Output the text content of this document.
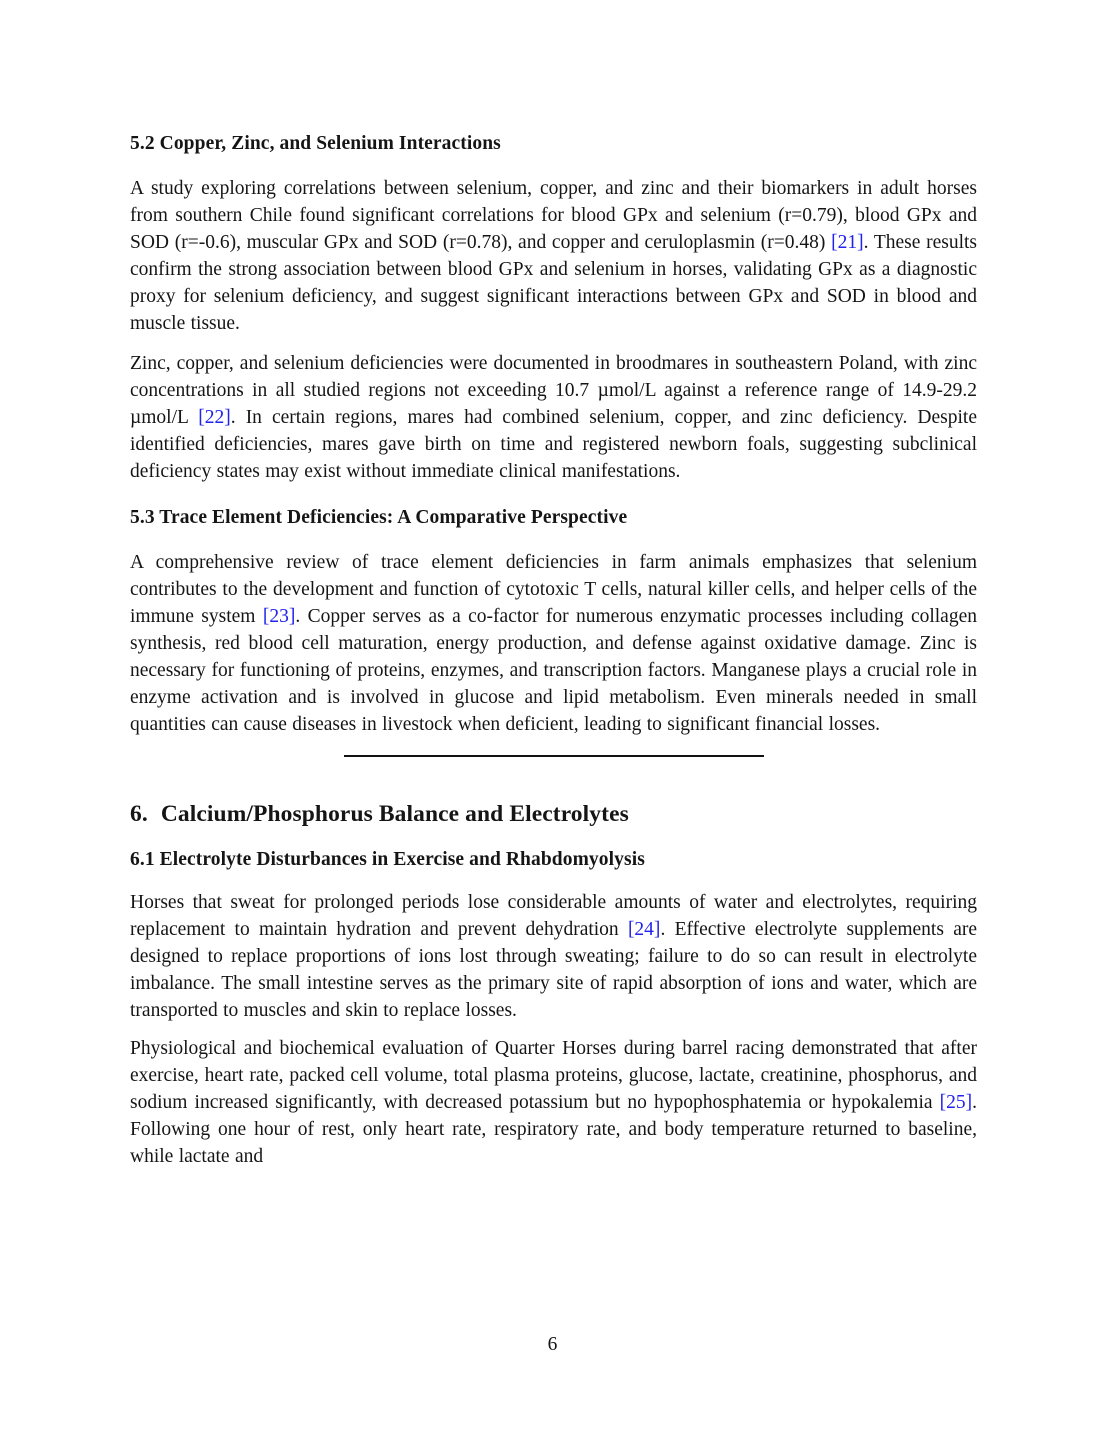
5.2 Copper, Zinc, and Selenium Interactions

A study exploring correlations between selenium, copper, and zinc and their biomarkers in adult horses from southern Chile found significant correlations for blood GPx and selenium (r=0.79), blood GPx and SOD (r=-0.6), muscular GPx and SOD (r=0.78), and copper and ceruloplasmin (r=0.48) [21]. These results confirm the strong association between blood GPx and selenium in horses, validating GPx as a diagnostic proxy for selenium deficiency, and suggest significant interactions between GPx and SOD in blood and muscle tissue.

Zinc, copper, and selenium deficiencies were documented in broodmares in southeastern Poland, with zinc concentrations in all studied regions not exceeding 10.7 µmol/L against a reference range of 14.9-29.2 µmol/L [22]. In certain regions, mares had combined selenium, copper, and zinc deficiency. Despite identified deficiencies, mares gave birth on time and registered newborn foals, suggesting subclinical deficiency states may exist without immediate clinical manifestations.

5.3 Trace Element Deficiencies: A Comparative Perspective

A comprehensive review of trace element deficiencies in farm animals emphasizes that selenium contributes to the development and function of cytotoxic T cells, natural killer cells, and helper cells of the immune system [23]. Copper serves as a co-factor for numerous enzymatic processes including collagen synthesis, red blood cell maturation, energy production, and defense against oxidative damage. Zinc is necessary for functioning of proteins, enzymes, and transcription factors. Manganese plays a crucial role in enzyme activation and is involved in glucose and lipid metabolism. Even minerals needed in small quantities can cause diseases in livestock when deficient, leading to significant financial losses.

6. Calcium/Phosphorus Balance and Electrolytes
6.1 Electrolyte Disturbances in Exercise and Rhabdomyolysis

Horses that sweat for prolonged periods lose considerable amounts of water and electrolytes, requiring replacement to maintain hydration and prevent dehydration [24]. Effective electrolyte supplements are designed to replace proportions of ions lost through sweating; failure to do so can result in electrolyte imbalance. The small intestine serves as the primary site of rapid absorption of ions and water, which are transported to muscles and skin to replace losses.

Physiological and biochemical evaluation of Quarter Horses during barrel racing demonstrated that after exercise, heart rate, packed cell volume, total plasma proteins, glucose, lactate, creatinine, phosphorus, and sodium increased significantly, with decreased potassium but no hypophosphatemia or hypokalemia [25]. Following one hour of rest, only heart rate, respiratory rate, and body temperature returned to baseline, while lactate and

6
